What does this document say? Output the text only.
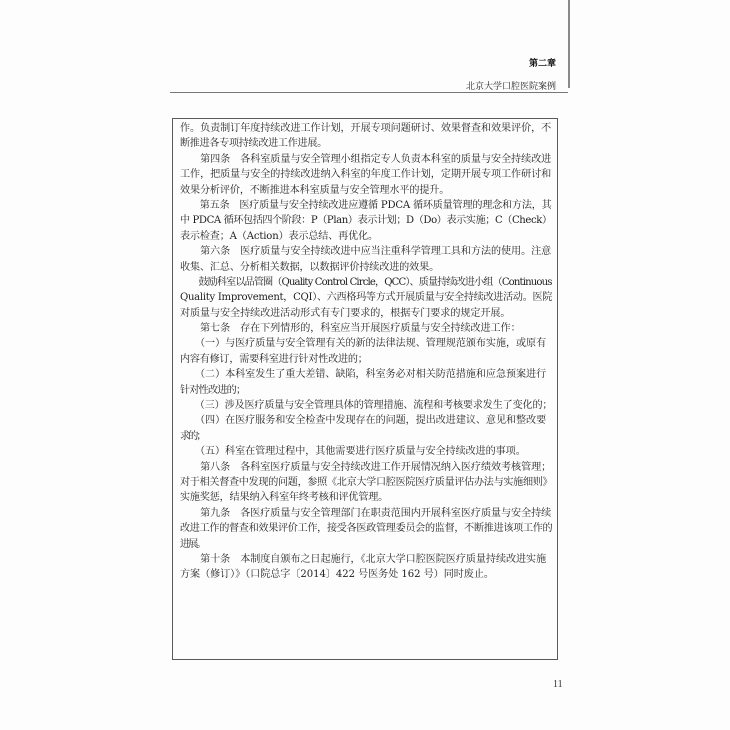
第二章
北京大学口腔医院案例
作。负责制订年度持续改进工作计划，开展专项问题研讨、效果督查和效果评价，不
断推进各专项持续改进工作进展。
　　第四条　各科室质量与安全管理小组指定专人负责本科室的质量与安全持续改进
工作，把质量与安全的持续改进纳入科室的年度工作计划，定期开展专项工作研讨和
效果分析评价，不断推进本科室质量与安全管理水平的提升。
　　第五条　医疗质量与安全持续改进应遵循 PDCA 循环质量管理的理念和方法，其
中 PDCA 循环包括四个阶段：P（Plan）表示计划；D（Do）表示实施；C（Check）
表示检查；A（Action）表示总结、再优化。
　　第六条　医疗质量与安全持续改进中应当注重科学管理工具和方法的使用。注意
收集、汇总、分析相关数据，以数据评价持续改进的效果。
　　鼓励科室以品管圈（Quality Control Circle，QCC）、质量持续改进小组（Continuous
Quality Improvement，CQI）、六西格玛等方式开展质量与安全持续改进活动。医院
对质量与安全持续改进活动形式有专门要求的，根据专门要求的规定开展。
　　第七条　存在下列情形的，科室应当开展医疗质量与安全持续改进工作：
　　（一）与医疗质量与安全管理有关的新的法律法规、管理规范颁布实施，或原有
内容有修订，需要科室进行针对性改进的；
　　（二）本科室发生了重大差错、缺陷，科室务必对相关防范措施和应急预案进行
针对性改进的；
　　（三）涉及医疗质量与安全管理具体的管理措施、流程和考核要求发生了变化的；
　　（四）在医疗服务和安全检查中发现存在的问题，提出改进建议、意见和整改要
求的；
　　（五）科室在管理过程中，其他需要进行医疗质量与安全持续改进的事项。
　　第八条　各科室医疗质量与安全持续改进工作开展情况纳入医疗绩效考核管理；
对于相关督查中发现的问题，参照《北京大学口腔医院医疗质量评估办法与实施细则》
实施奖惩，结果纳入科室年终考核和评优管理。
　　第九条　各医疗质量与安全管理部门在职责范围内开展科室医疗质量与安全持续
改进工作的督查和效果评价工作，接受各医政管理委员会的监督，不断推进该项工作的
进展。
　　第十条　本制度自颁布之日起施行，《北京大学口腔医院医疗质量持续改进实施
方案（修订）》（口院总字〔2014〕422 号医务处 162 号）同时废止。
11
